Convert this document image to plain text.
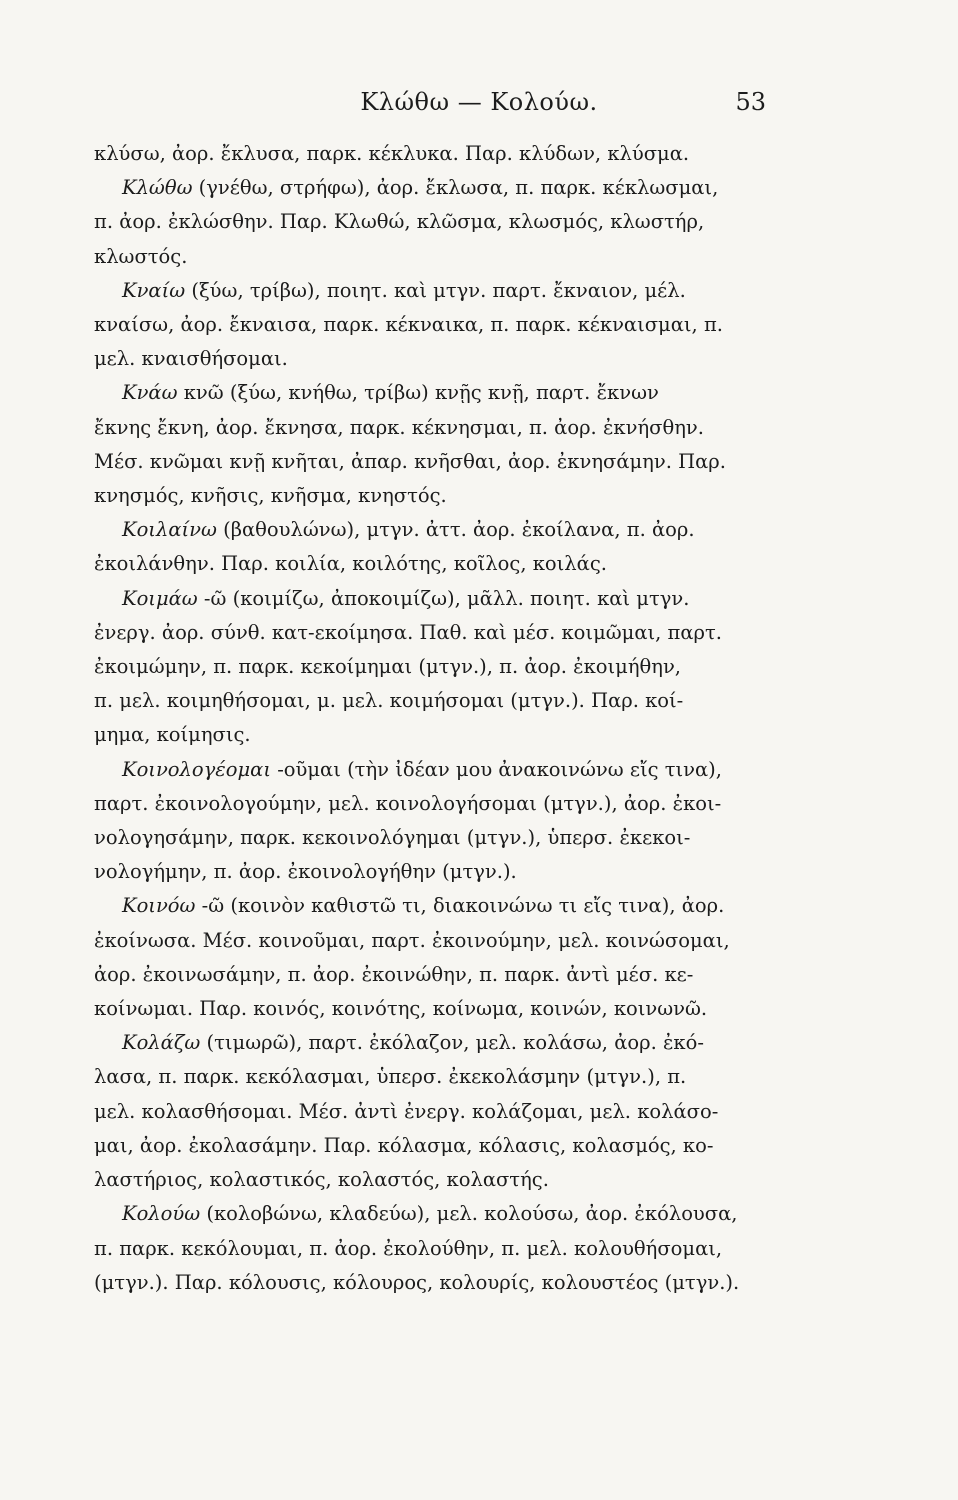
Κλώθω — Κολούω.	53
κλύσω, ἀορ. ἔκλυσα, παρκ. κέκλυκα. Παρ. κλύδων, κλύσμα.
Κλώθω (γνέθω, στρήφω), ἀορ. ἔκλωσα, π. παρκ. κέκλωσμαι,
π. ἀορ. ἐκλώσθην. Παρ. Κλωθώ, κλῶσμα, κλωσμός, κλωστήρ,
κλωστός.
Κναίω (ξύω, τρίβω), ποιητ. καὶ μτγν. παρτ. ἔκναιον, μέλ.
κναίσω, ἀορ. ἔκναισα, παρκ. κέκναικα, π. παρκ. κέκναισμαι, π.
μελ. κναισθήσομαι.
Κνάω κνῶ (ξύω, κνήθω, τρίβω) κνῇς κνῇ, παρτ. ἔκνων
ἔκνης ἔκνη, ἀορ. ἔκνησα, παρκ. κέκνησμαι, π. ἀορ. ἐκνήσθην.
Μέσ. κνῶμαι κνῇ κνῆται, ἀπαρ. κνῆσθαι, ἀορ. ἐκνησάμην. Παρ.
κνησμός, κνῆσις, κνῆσμα, κνηστός.
Κοιλαίνω (βαθουλώνω), μτγν. ἀττ. ἀορ. ἐκοίλανα, π. ἀορ.
ἐκοιλάνθην. Παρ. κοιλία, κοιλότης, κοῖλος, κοιλάς.
Κοιμάω -ῶ (κοιμίζω, ἀποκοιμίζω), μᾶλλ. ποιητ. καὶ μτγν.
ἐνεργ. ἀορ. σύνθ. κατ-εκοίμησα. Παθ. καὶ μέσ. κοιμῶμαι, παρτ.
ἐκοιμώμην, π. παρκ. κεκοίμημαι (μτγν.), π. ἀορ. ἐκοιμήθην,
π. μελ. κοιμηθήσομαι, μ. μελ. κοιμήσομαι (μτγν.). Παρ. κοί-
μημα, κοίμησις.
Κοινολογέομαι -οῦμαι (τὴν ἰδέαν μου ἀνακοινώνω εἴς τινα),
παρτ. ἐκοινολογούμην, μελ. κοινολογήσομαι (μτγν.), ἀορ. ἐκοι-
νολογησάμην, παρκ. κεκοινολόγημαι (μτγν.), ὑπερσ. ἐκεκοι-
νολογήμην, π. ἀορ. ἐκοινολογήθην (μτγν.).
Κοινόω -ῶ (κοινὸν καθιστῶ τι, διακοινώνω τι εἴς τινα), ἀορ.
ἐκοίνωσα. Μέσ. κοινοῦμαι, παρτ. ἐκοινούμην, μελ. κοινώσομαι,
ἀορ. ἐκοινωσάμην, π. ἀορ. ἐκοινώθην, π. παρκ. ἀντὶ μέσ. κε-
κοίνωμαι. Παρ. κοινός, κοινότης, κοίνωμα, κοινών, κοινωνῶ.
Κολάζω (τιμωρῶ), παρτ. ἐκόλαζον, μελ. κολάσω, ἀορ. ἐκό-
λασα, π. παρκ. κεκόλασμαι, ὑπερσ. ἐκεκολάσμην (μτγν.), π.
μελ. κολασθήσομαι. Μέσ. ἀντὶ ἐνεργ. κολάζομαι, μελ. κολάσο-
μαι, ἀορ. ἐκολασάμην. Παρ. κόλασμα, κόλασις, κολασμός, κο-
λαστήριος, κολαστικός, κολαστός, κολαστής.
Κολούω (κολοβώνω, κλαδεύω), μελ. κολούσω, ἀορ. ἐκόλουσα,
π. παρκ. κεκόλουμαι, π. ἀορ. ἐκολούθην, π. μελ. κολουθήσομαι,
(μτγν.). Παρ. κόλουσις, κόλουρος, κολουρίς, κολουστέος (μτγν.).
